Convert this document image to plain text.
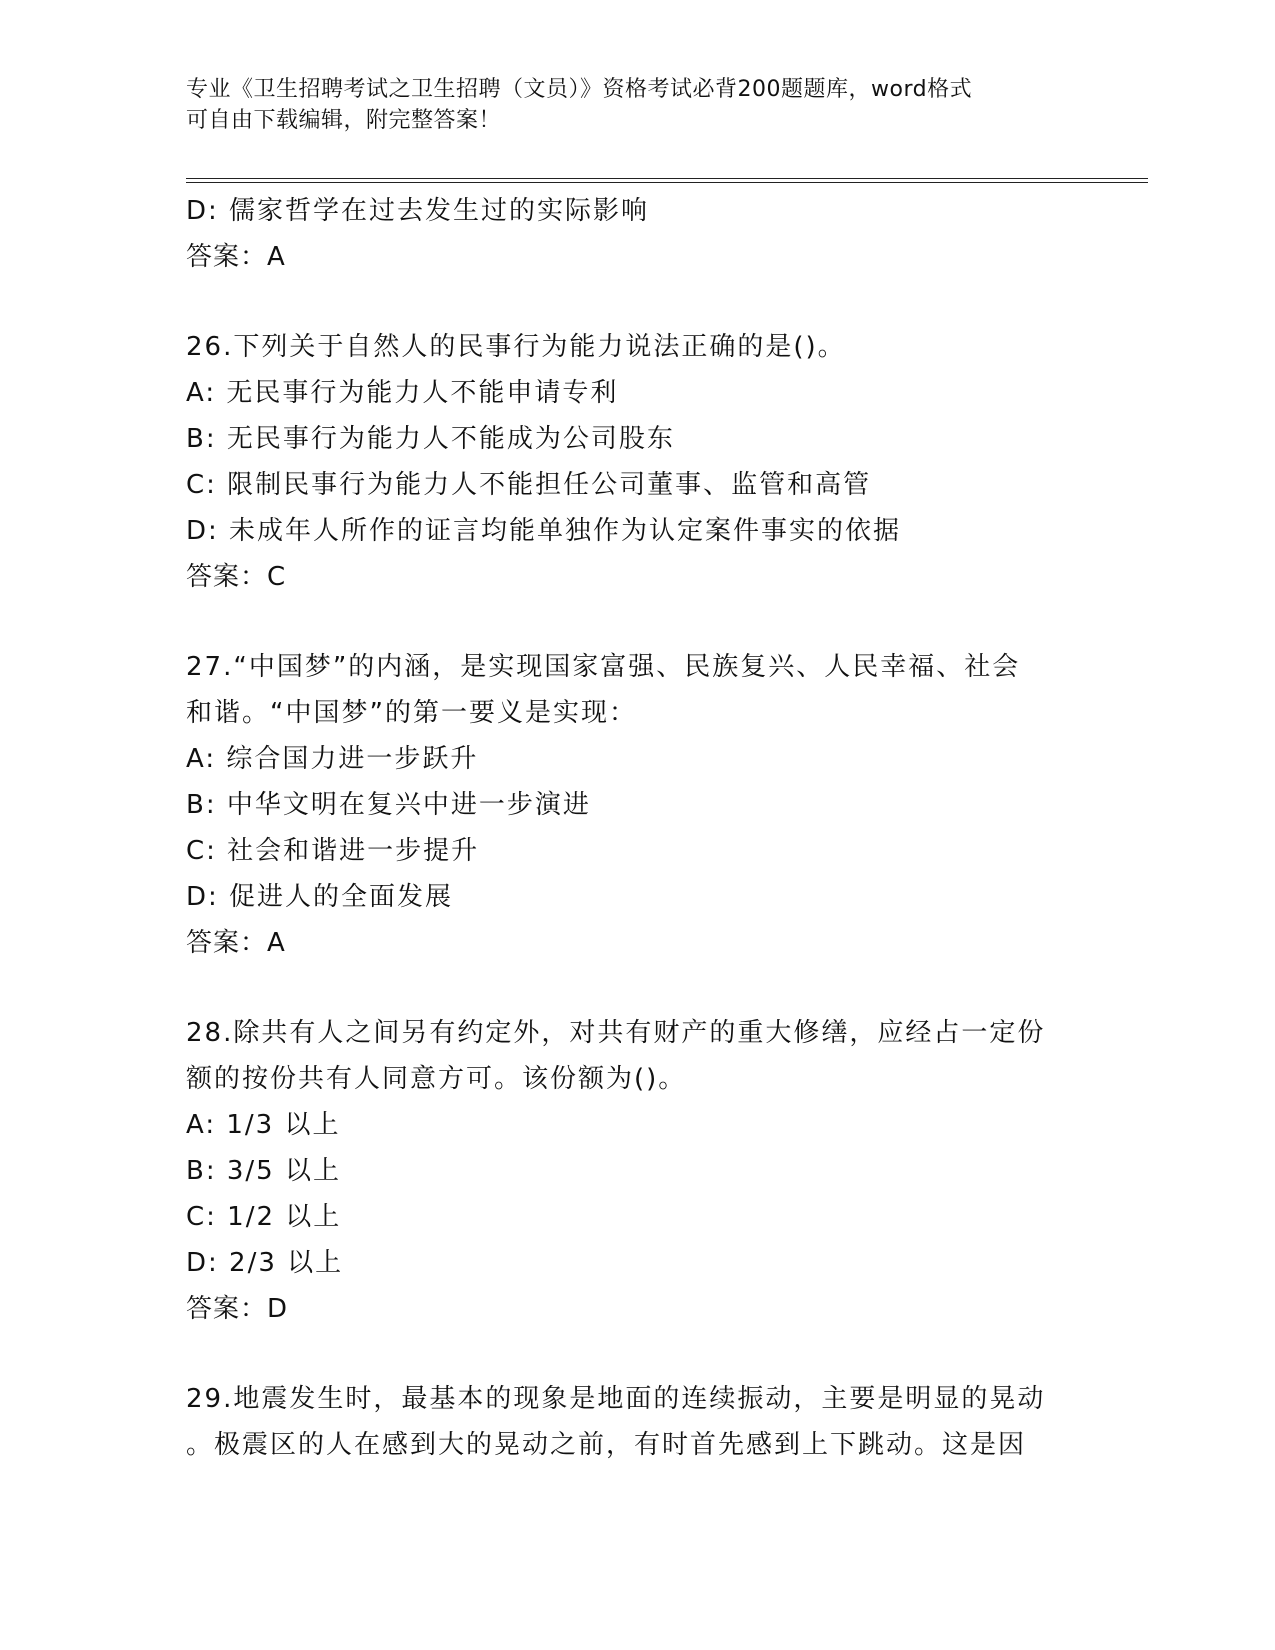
专业《卫生招聘考试之卫生招聘（文员）》资格考试必背200题题库，word格式
可自由下载编辑，附完整答案！
D: 儒家哲学在过去发生过的实际影响
答案：A
26.下列关于自然人的民事行为能力说法正确的是()。
A: 无民事行为能力人不能申请专利
B: 无民事行为能力人不能成为公司股东
C: 限制民事行为能力人不能担任公司董事、监管和高管
D: 未成年人所作的证言均能单独作为认定案件事实的依据
答案：C
27.“中国梦”的内涵，是实现国家富强、民族复兴、人民幸福、社会
和谐。“中国梦”的第一要义是实现：
A: 综合国力进一步跃升
B: 中华文明在复兴中进一步演进
C: 社会和谐进一步提升
D: 促进人的全面发展
答案：A
28.除共有人之间另有约定外，对共有财产的重大修缮，应经占一定份
额的按份共有人同意方可。该份额为()。
A: 1/3 以上
B: 3/5 以上
C: 1/2 以上
D: 2/3 以上
答案：D
29.地震发生时，最基本的现象是地面的连续振动，主要是明显的晃动
。极震区的人在感到大的晃动之前，有时首先感到上下跳动。这是因
